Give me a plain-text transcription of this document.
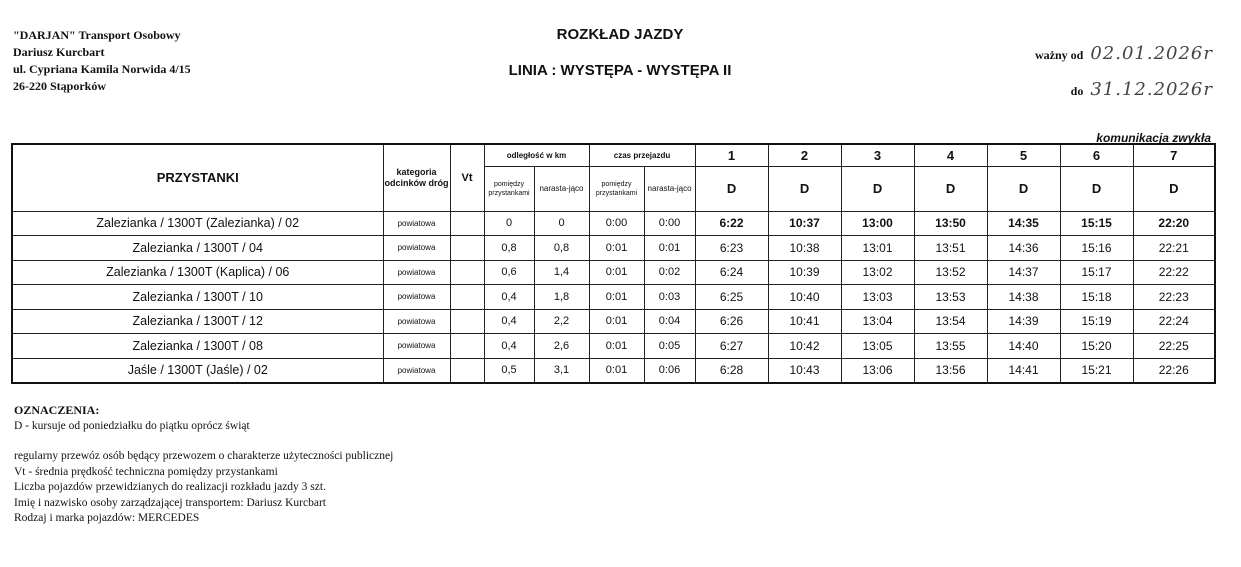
"DARJAN" Transport Osobowy
Dariusz Kurcbart
ul. Cypriana Kamila Norwida 4/15
26-220 Stąporków
ROZKŁAD JAZDY
LINIA : WYSTĘPA - WYSTĘPA II
ważny od 02.01.2026r
do 31.12.2026r
komunikacja zwykła
PRZYSTANKI	kategoria odcinków dróg	Vt	odległość w km		czas przejazdu		1	2	3	4	5	6	7
			pomiędzy przystankami	narasta-jąco	pomiędzy przystankami	narasta-jąco	D	D	D	D	D	D	D
Zalezianka / 1300T (Zalezianka) / 02	powiatowa		0	0	0:00	0:00	6:22	10:37	13:00	13:50	14:35	15:15	22:20
Zalezianka / 1300T / 04	powiatowa		0,8	0,8	0:01	0:01	6:23	10:38	13:01	13:51	14:36	15:16	22:21
Zalezianka / 1300T (Kaplica) / 06	powiatowa		0,6	1,4	0:01	0:02	6:24	10:39	13:02	13:52	14:37	15:17	22:22
Zalezianka / 1300T / 10	powiatowa		0,4	1,8	0:01	0:03	6:25	10:40	13:03	13:53	14:38	15:18	22:23
Zalezianka / 1300T / 12	powiatowa		0,4	2,2	0:01	0:04	6:26	10:41	13:04	13:54	14:39	15:19	22:24
Zalezianka / 1300T / 08	powiatowa		0,4	2,6	0:01	0:05	6:27	10:42	13:05	13:55	14:40	15:20	22:25
Jaśle / 1300T (Jaśle) / 02	powiatowa		0,5	3,1	0:01	0:06	6:28	10:43	13:06	13:56	14:41	15:21	22:26
OZNACZENIA:
D - kursuje od poniedziałku do piątku oprócz świąt
regularny przewóz osób będący przewozem o charakterze użyteczności publicznej
Vt - średnia prędkość techniczna pomiędzy przystankami
Liczba pojazdów przewidzianych do realizacji rozkładu jazdy 3 szt.
Imię i nazwisko osoby zarządzającej transportem: Dariusz Kurcbart
Rodzaj i marka pojazdów: MERCEDES
